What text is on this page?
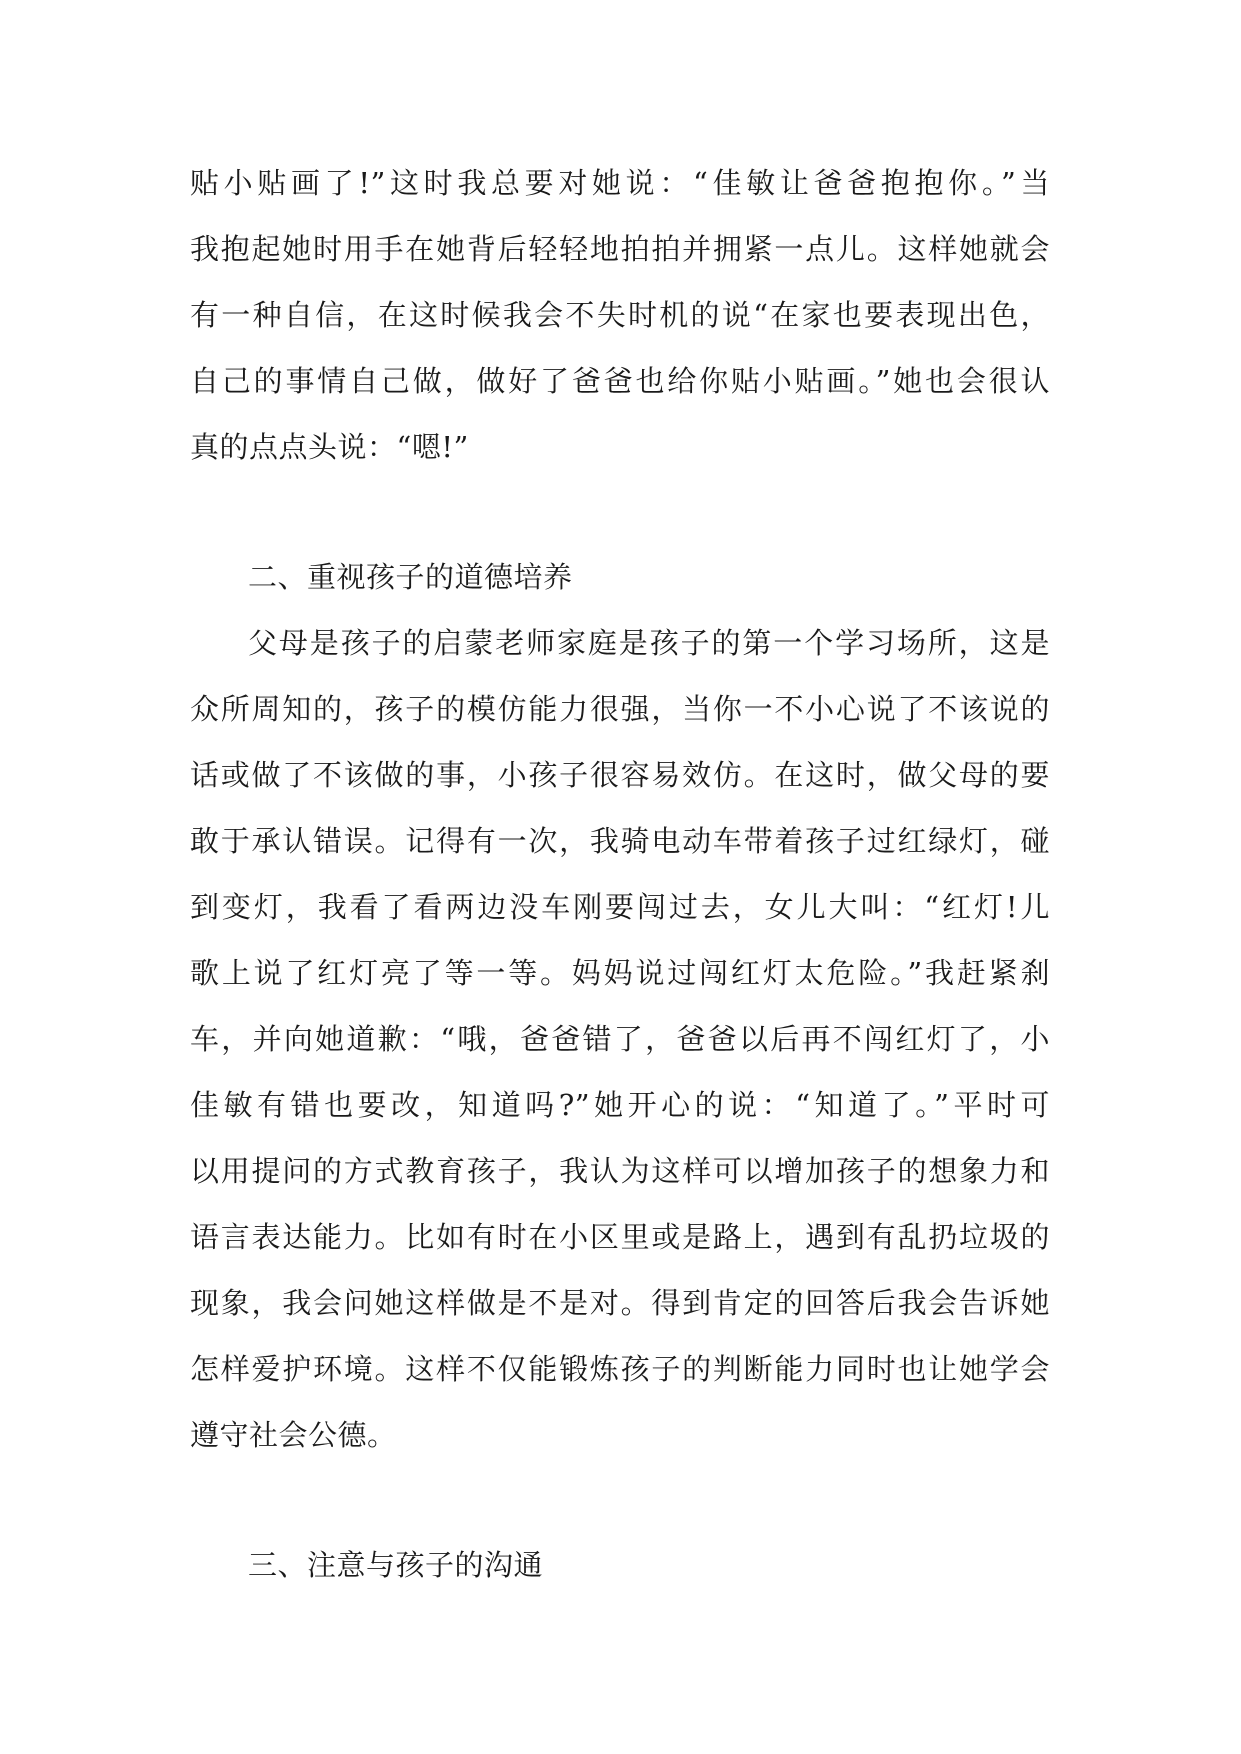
贴小贴画了!”这时我总要对她说：“佳敏让爸爸抱抱你。”当

我抱起她时用手在她背后轻轻地拍拍并拥紧一点儿。这样她就会

有一种自信，在这时候我会不失时机的说“在家也要表现出色，

自己的事情自己做，做好了爸爸也给你贴小贴画。”她也会很认

真的点点头说：“嗯!”

二、重视孩子的道德培养

父母是孩子的启蒙老师家庭是孩子的第一个学习场所，这是

众所周知的，孩子的模仿能力很强，当你一不小心说了不该说的

话或做了不该做的事，小孩子很容易效仿。在这时，做父母的要

敢于承认错误。记得有一次，我骑电动车带着孩子过红绿灯，碰

到变灯，我看了看两边没车刚要闯过去，女儿大叫：“红灯!儿

歌上说了红灯亮了等一等。妈妈说过闯红灯太危险。”我赶紧刹

车，并向她道歉：“哦，爸爸错了，爸爸以后再不闯红灯了，小

佳敏有错也要改，知道吗?”她开心的说：“知道了。”平时可

以用提问的方式教育孩子，我认为这样可以增加孩子的想象力和

语言表达能力。比如有时在小区里或是路上，遇到有乱扔垃圾的

现象，我会问她这样做是不是对。得到肯定的回答后我会告诉她

怎样爱护环境。这样不仅能锻炼孩子的判断能力同时也让她学会

遵守社会公德。

三、注意与孩子的沟通
